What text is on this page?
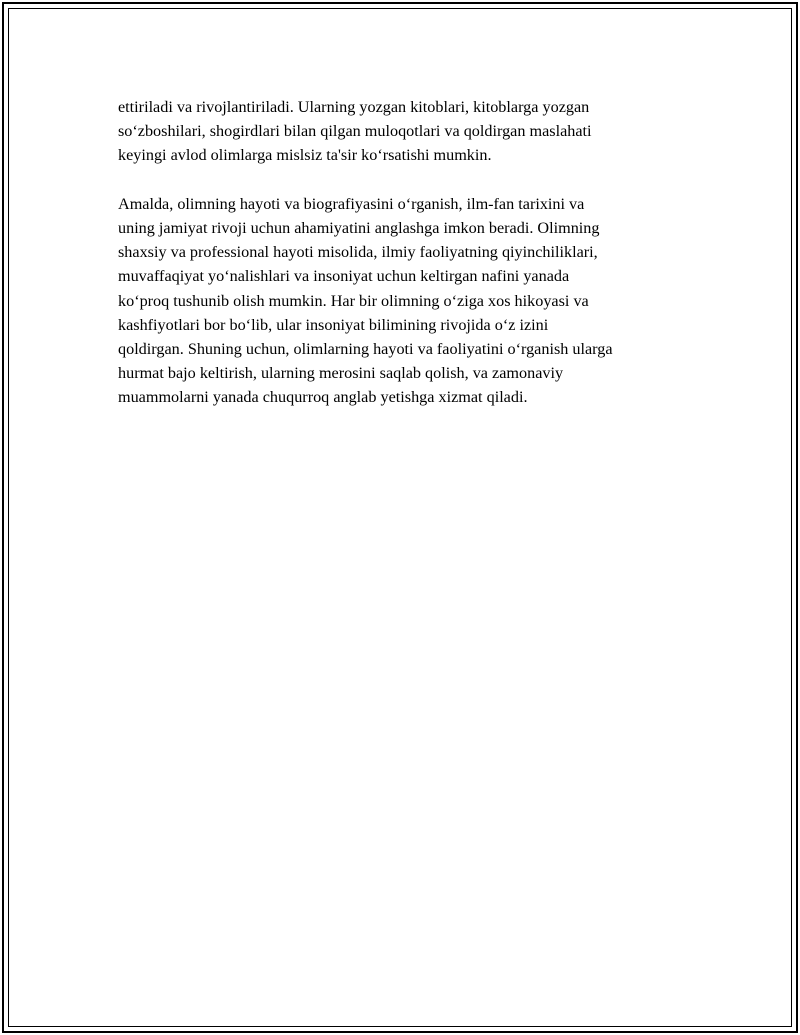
ettiriladi va rivojlantiriladi. Ularning yozgan kitoblari, kitoblarga yozgan
so‘zboshilari, shogirdlari bilan qilgan muloqotlari va qoldirgan maslahati
keyingi avlod olimlarga mislsiz ta'sir ko‘rsatishi mumkin.

Amalda, olimning hayoti va biografiyasini o‘rganish, ilm-fan tarixini va
uning jamiyat rivoji uchun ahamiyatini anglashga imkon beradi. Olimning
shaxsiy va professional hayoti misolida, ilmiy faoliyatning qiyinchiliklari,
muvaffaqiyat yo‘nalishlari va insoniyat uchun keltirgan nafini yanada
ko‘proq tushunib olish mumkin. Har bir olimning o‘ziga xos hikoyasi va
kashfiyotlari bor bo‘lib, ular insoniyat bilimining rivojida o‘z izini
qoldirgan. Shuning uchun, olimlarning hayoti va faoliyatini o‘rganish ularga
hurmat bajo keltirish, ularning merosini saqlab qolish, va zamonaviy
muammolarni yanada chuqurroq anglab yetishga xizmat qiladi.
